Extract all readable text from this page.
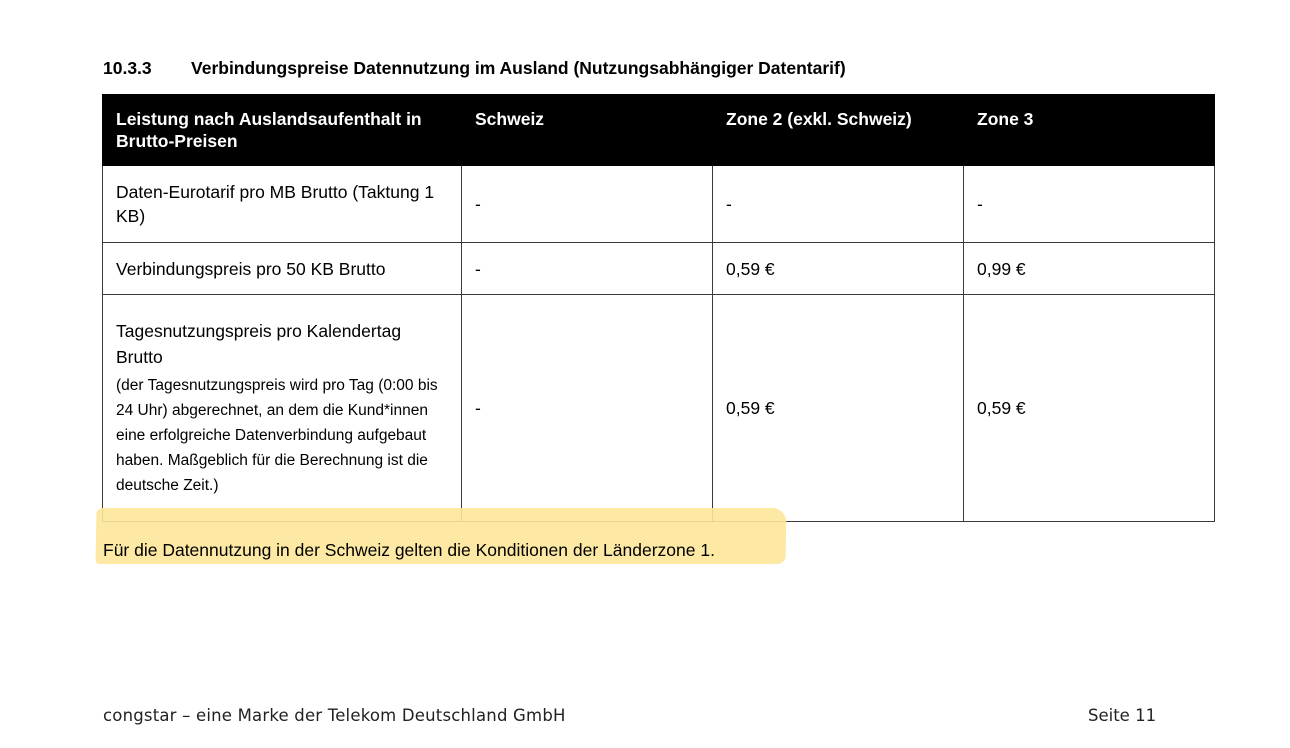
10.3.3 Verbindungspreise Datennutzung im Ausland (Nutzungsabhängiger Datentarif)
Leistung nach Auslandsaufenthalt in Brutto-Preisen	Schweiz	Zone 2 (exkl. Schweiz)	Zone 3
Daten-Eurotarif pro MB Brutto (Taktung 1 KB)	-	-	-
Verbindungspreis pro 50 KB Brutto	-	0,59 €	0,99 €

Tagesnutzungspreis pro Kalendertag Brutto
(der Tagesnutzungspreis wird pro Tag (0:00 bis 24 Uhr) abgerechnet, an dem die Kund*innen eine erfolgreiche Datenverbindung aufgebaut haben. Maßgeblich für die Berechnung ist die deutsche Zeit.)	-	0,59 €	0,59 €
Für die Datennutzung in der Schweiz gelten die Konditionen der Länderzone 1.
congstar – eine Marke der Telekom Deutschland GmbH	Seite 11
